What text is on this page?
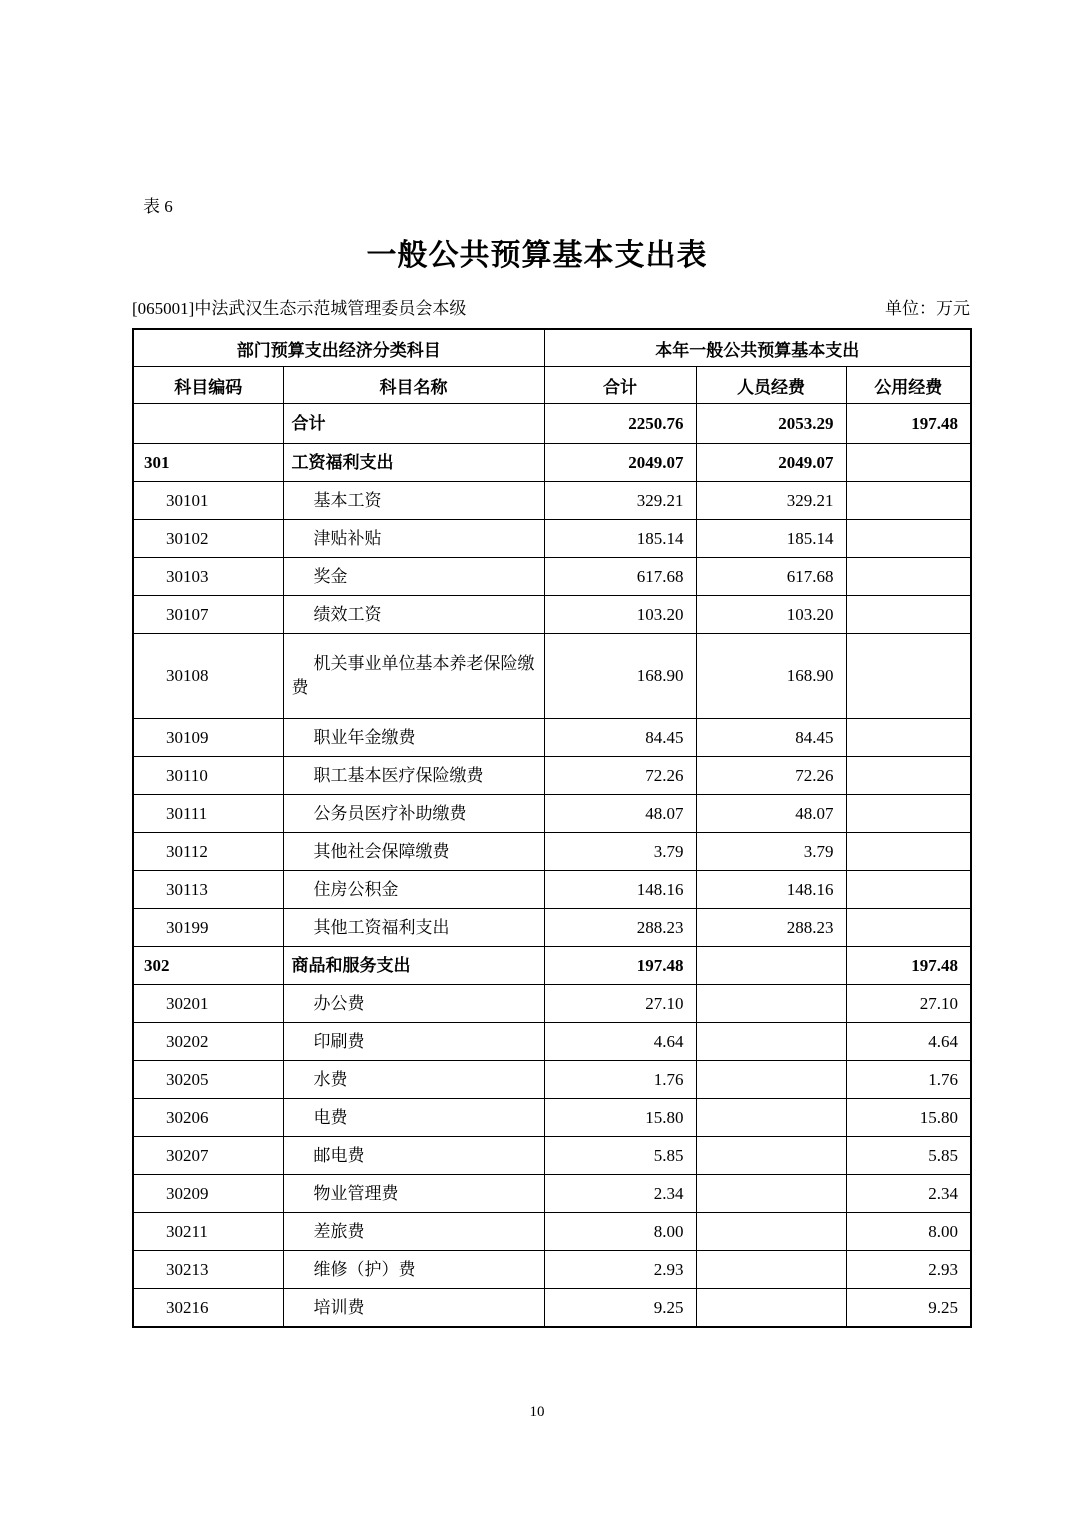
表 6
一般公共预算基本支出表
[065001]中法武汉生态示范城管理委员会本级	单位：万元
部门预算支出经济分类科目		本年一般公共预算基本支出		
科目编码	科目名称	合计	人员经费	公用经费
	合计	2250.76	2053.29	197.48
301	工资福利支出	2049.07	2049.07	
30101	基本工资	329.21	329.21	
30102	津贴补贴	185.14	185.14	
30103	奖金	617.68	617.68	
30107	绩效工资	103.20	103.20	
30108	机关事业单位基本养老保险缴费	168.90	168.90	
30109	职业年金缴费	84.45	84.45	
30110	职工基本医疗保险缴费	72.26	72.26	
30111	公务员医疗补助缴费	48.07	48.07	
30112	其他社会保障缴费	3.79	3.79	
30113	住房公积金	148.16	148.16	
30199	其他工资福利支出	288.23	288.23	
302	商品和服务支出	197.48		197.48
30201	办公费	27.10		27.10
30202	印刷费	4.64		4.64
30205	水费	1.76		1.76
30206	电费	15.80		15.80
30207	邮电费	5.85		5.85
30209	物业管理费	2.34		2.34
30211	差旅费	8.00		8.00
30213	维修（护）费	2.93		2.93
30216	培训费	9.25		9.25
10
